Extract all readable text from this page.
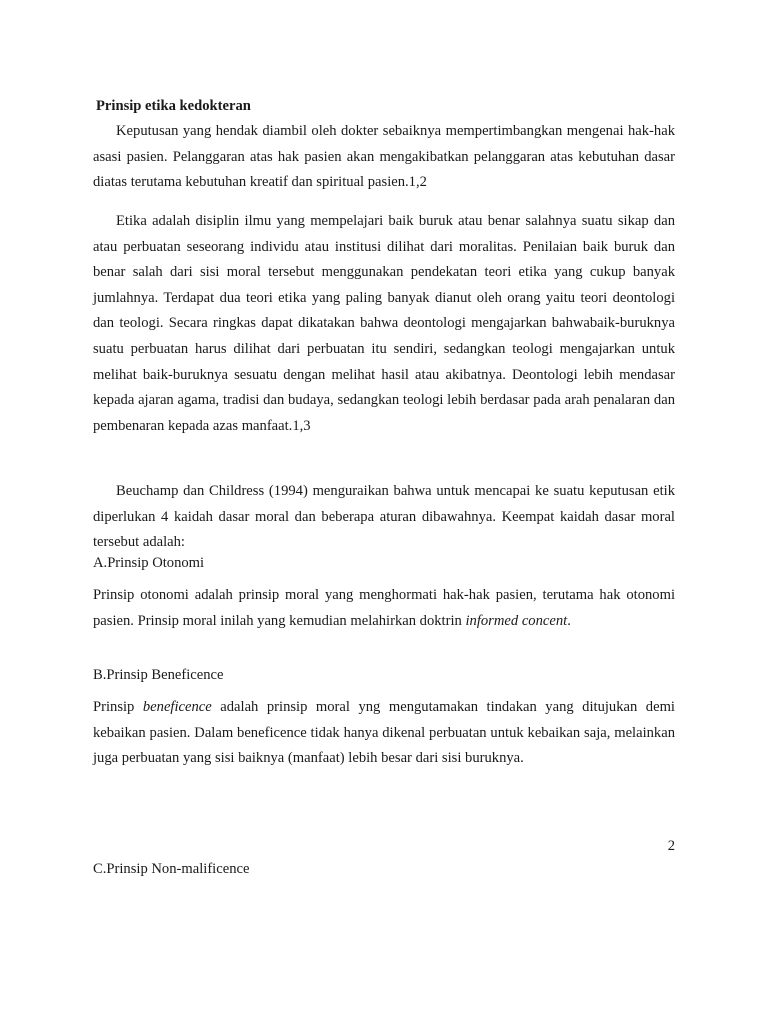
Prinsip etika kedokteran

Keputusan yang hendak diambil oleh dokter sebaiknya mempertimbangkan mengenai hak-hak asasi pasien. Pelanggaran atas hak pasien akan mengakibatkan pelanggaran atas kebutuhan dasar diatas terutama kebutuhan kreatif dan spiritual pasien.1,2

Etika adalah disiplin ilmu yang mempelajari baik buruk atau benar salahnya suatu sikap dan atau perbuatan seseorang individu atau institusi dilihat dari moralitas. Penilaian baik buruk dan benar salah dari sisi moral tersebut menggunakan pendekatan teori etika yang cukup banyak jumlahnya. Terdapat dua teori etika yang paling banyak dianut oleh orang yaitu teori deontologi dan teologi. Secara ringkas dapat dikatakan bahwa deontologi mengajarkan bahwabaik-buruknya suatu perbuatan harus dilihat dari perbuatan itu sendiri, sedangkan teologi mengajarkan untuk melihat baik-buruknya sesuatu dengan melihat hasil atau akibatnya. Deontologi lebih mendasar kepada ajaran agama, tradisi dan budaya, sedangkan teologi lebih berdasar pada arah penalaran dan pembenaran kepada azas manfaat.1,3

Beuchamp dan Childress (1994) menguraikan bahwa untuk mencapai ke suatu keputusan etik diperlukan 4 kaidah dasar moral dan beberapa aturan dibawahnya. Keempat kaidah dasar moral tersebut adalah:

A.Prinsip Otonomi

Prinsip otonomi adalah prinsip moral yang menghormati hak-hak pasien, terutama hak otonomi pasien. Prinsip moral inilah yang kemudian melahirkan doktrin informed concent.

B.Prinsip Beneficence

Prinsip beneficence adalah prinsip moral yng mengutamakan tindakan yang ditujukan demi kebaikan pasien. Dalam beneficence tidak hanya dikenal perbuatan untuk kebaikan saja, melainkan juga perbuatan yang sisi baiknya (manfaat) lebih besar dari sisi buruknya.

2
C.Prinsip Non-malificence
